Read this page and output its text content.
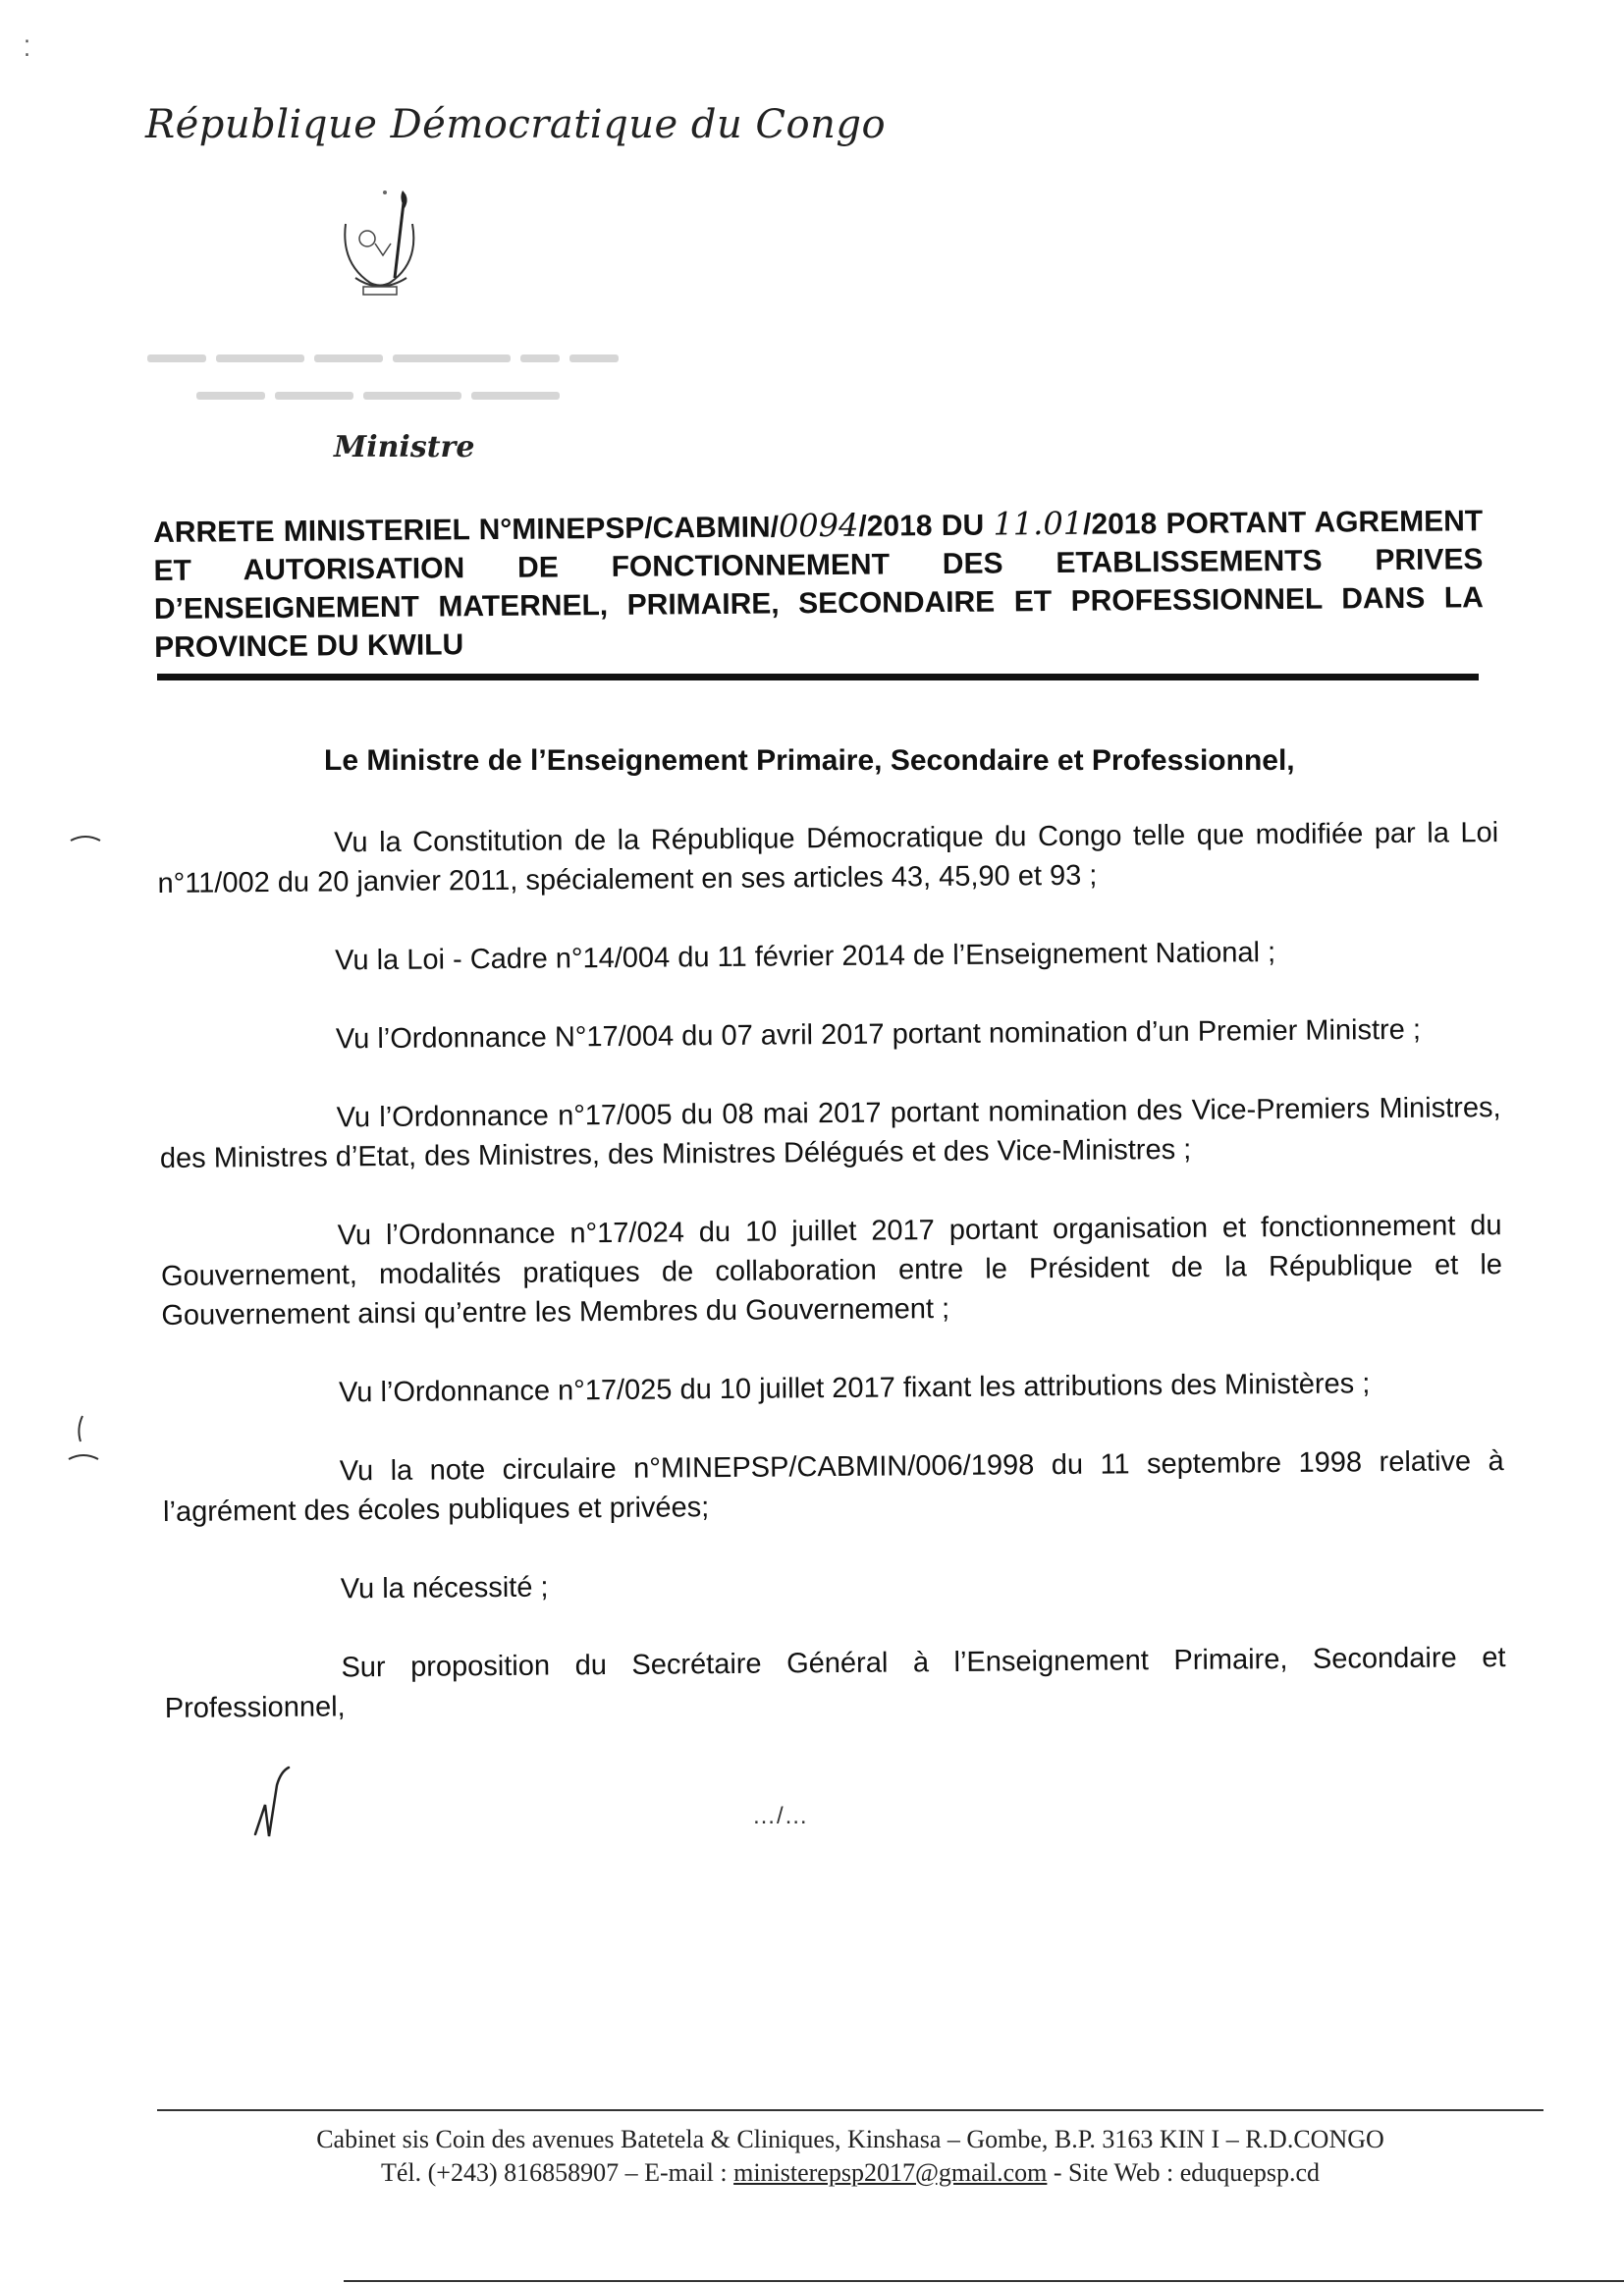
⁚
République Démocratique du Congo
Ministre
ARRETE MINISTERIEL N°MINEPSP/CABMIN/0094/2018 DU 11.01/2018 PORTANT AGREMENT ET AUTORISATION DE FONCTIONNEMENT DES ETABLISSEMENTS PRIVES D’ENSEIGNEMENT MATERNEL, PRIMAIRE, SECONDAIRE ET PROFESSIONNEL DANS LA PROVINCE DU KWILU
Le Ministre de l’Enseignement Primaire, Secondaire et Professionnel,

Vu la Constitution de la République Démocratique du Congo telle que modifiée par la Loi n°11/002 du 20 janvier 2011, spécialement en ses articles 43, 45,90 et 93 ;

Vu la Loi - Cadre n°14/004 du 11 février 2014 de l’Enseignement National ;

Vu l’Ordonnance N°17/004 du 07 avril 2017 portant nomination d’un Premier Ministre ;

Vu l’Ordonnance n°17/005 du 08 mai 2017 portant nomination des Vice-Premiers Ministres, des Ministres d’Etat, des Ministres, des Ministres Délégués et des Vice-Ministres ;

Vu l’Ordonnance n°17/024 du 10 juillet 2017 portant organisation et fonctionnement du Gouvernement, modalités pratiques de collaboration entre le Président de la République et le Gouvernement ainsi qu’entre les Membres du Gouvernement ;

Vu l’Ordonnance n°17/025 du 10 juillet 2017 fixant les attributions des Ministères ;

Vu la note circulaire n°MINEPSP/CABMIN/006/1998 du 11 septembre 1998 relative à l’agrément des écoles publiques et privées;

Vu la nécessité ;

Sur proposition du Secrétaire Général à l’Enseignement Primaire, Secondaire et Professionnel,

…/…
Cabinet sis Coin des avenues Batetela & Cliniques, Kinshasa – Gombe, B.P. 3163 KIN I – R.D.CONGO
Tél. (+243) 816858907 – E-mail : ministerepsp2017@gmail.com - Site Web : eduquepsp.cd
